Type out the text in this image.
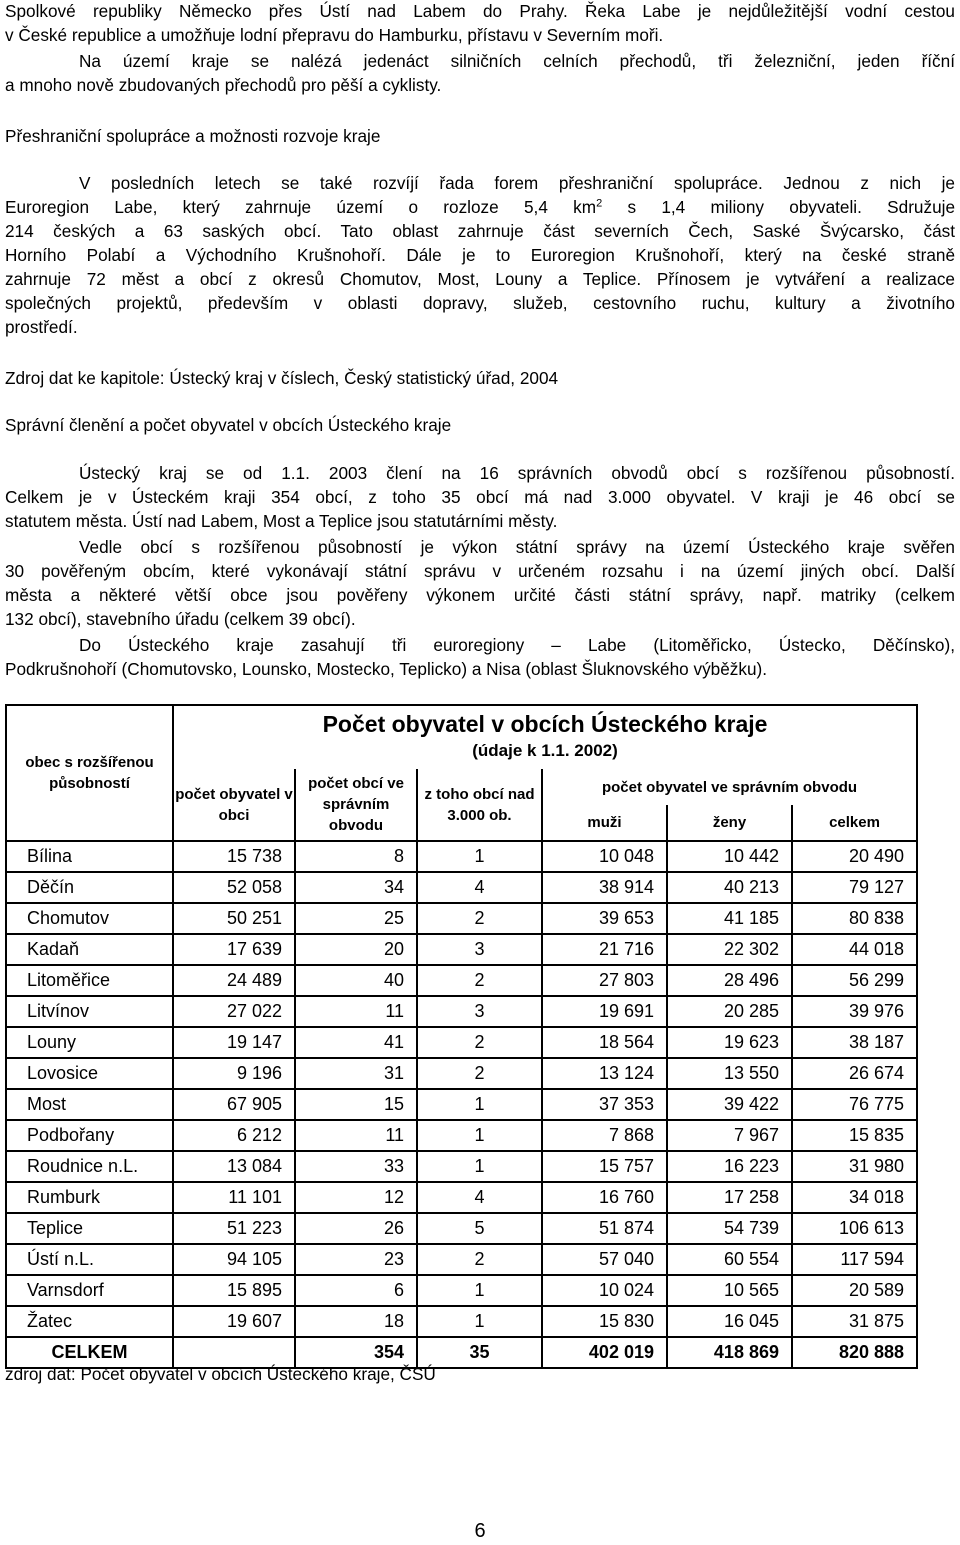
Spolkové republiky Německo přes Ústí nad Labem do Prahy. Řeka Labe je nejdůležitější vodní cestou
v České republice a umožňuje lodní přepravu do Hamburku, přístavu v Severním moři.
Na území kraje se nalézá jedenáct silničních celních přechodů, tři železniční, jeden říční
a mnoho nově zbudovaných přechodů pro pěší a cyklisty.
Přeshraniční spolupráce a možnosti rozvoje kraje
V posledních letech se také rozvíjí řada forem přeshraniční spolupráce. Jednou z nich je
Euroregion Labe, který zahrnuje území o rozloze 5,4 $km^2$ s 1,4 miliony obyvateli. Sdružuje
214 českých a 63 saských obcí. Tato oblast zahrnuje část severních Čech, Saské Švýcarsko, část
Horního Polabí a Východního Krušnohoří. Dále je to Euroregion Krušnohoří, který na české straně
zahrnuje 72 měst a obcí z okresů Chomutov, Most, Louny a Teplice. Přínosem je vytváření a realizace
společných projektů, především v oblasti dopravy, služeb, cestovního ruchu, kultury a životního
prostředí.
Zdroj dat ke kapitole: Ústecký kraj v číslech, Český statistický úřad, 2004
Správní členění a počet obyvatel v obcích Ústeckého kraje
Ústecký kraj se od 1.1. 2003 člení na 16 správních obvodů obcí s rozšířenou působností.
Celkem je v Ústeckém kraji 354 obcí, z toho 35 obcí má nad 3.000 obyvatel. V kraji je 46 obcí se
statutem města. Ústí nad Labem, Most a Teplice jsou statutárními městy.
Vedle obcí s rozšířenou působností je výkon státní správy na území Ústeckého kraje svěřen
30 pověřeným obcím, které vykonávají státní správu v určeném rozsahu i na území jiných obcí. Další
města a některé větší obce jsou pověřeny výkonem určité části státní správy, např. matriky (celkem
132 obcí), stavebního úřadu (celkem 39 obcí).
Do Ústeckého kraje zasahují tři euroregiony – Labe (Litoměřicko, Ústecko, Děčínsko),
Podkrušnohoří (Chomutovsko, Lounsko, Mostecko, Teplicko) a Nisa (oblast Šluknovského výběžku).
obec s rozšířenou působností	Počet obyvatel v obcích Ústeckého kraje
(údaje k 1.1. 2002)					

	počet obyvatel v obci	počet obcí ve správním obvodu	z toho obcí nad 3.000 ob.	počet obyvatel ve správním obvodu		
				muži	ženy	celkem
Bílina	15 738	8	1	10 048	10 442	20 490
Děčín	52 058	34	4	38 914	40 213	79 127
Chomutov	50 251	25	2	39 653	41 185	80 838
Kadaň	17 639	20	3	21 716	22 302	44 018
Litoměřice	24 489	40	2	27 803	28 496	56 299
Litvínov	27 022	11	3	19 691	20 285	39 976
Louny	19 147	41	2	18 564	19 623	38 187
Lovosice	9 196	31	2	13 124	13 550	26 674
Most	67 905	15	1	37 353	39 422	76 775
Podbořany	6 212	11	1	7 868	7 967	15 835
Roudnice n.L.	13 084	33	1	15 757	16 223	31 980
Rumburk	11 101	12	4	16 760	17 258	34 018
Teplice	51 223	26	5	51 874	54 739	106 613
Ústí n.L.	94 105	23	2	57 040	60 554	117 594
Varnsdorf	15 895	6	1	10 024	10 565	20 589
Žatec	19 607	18	1	15 830	16 045	31 875
CELKEM		354	35	402 019	418 869	820 888
zdroj dat: Počet obyvatel v obcích Ústeckého kraje, ČSÚ
6
